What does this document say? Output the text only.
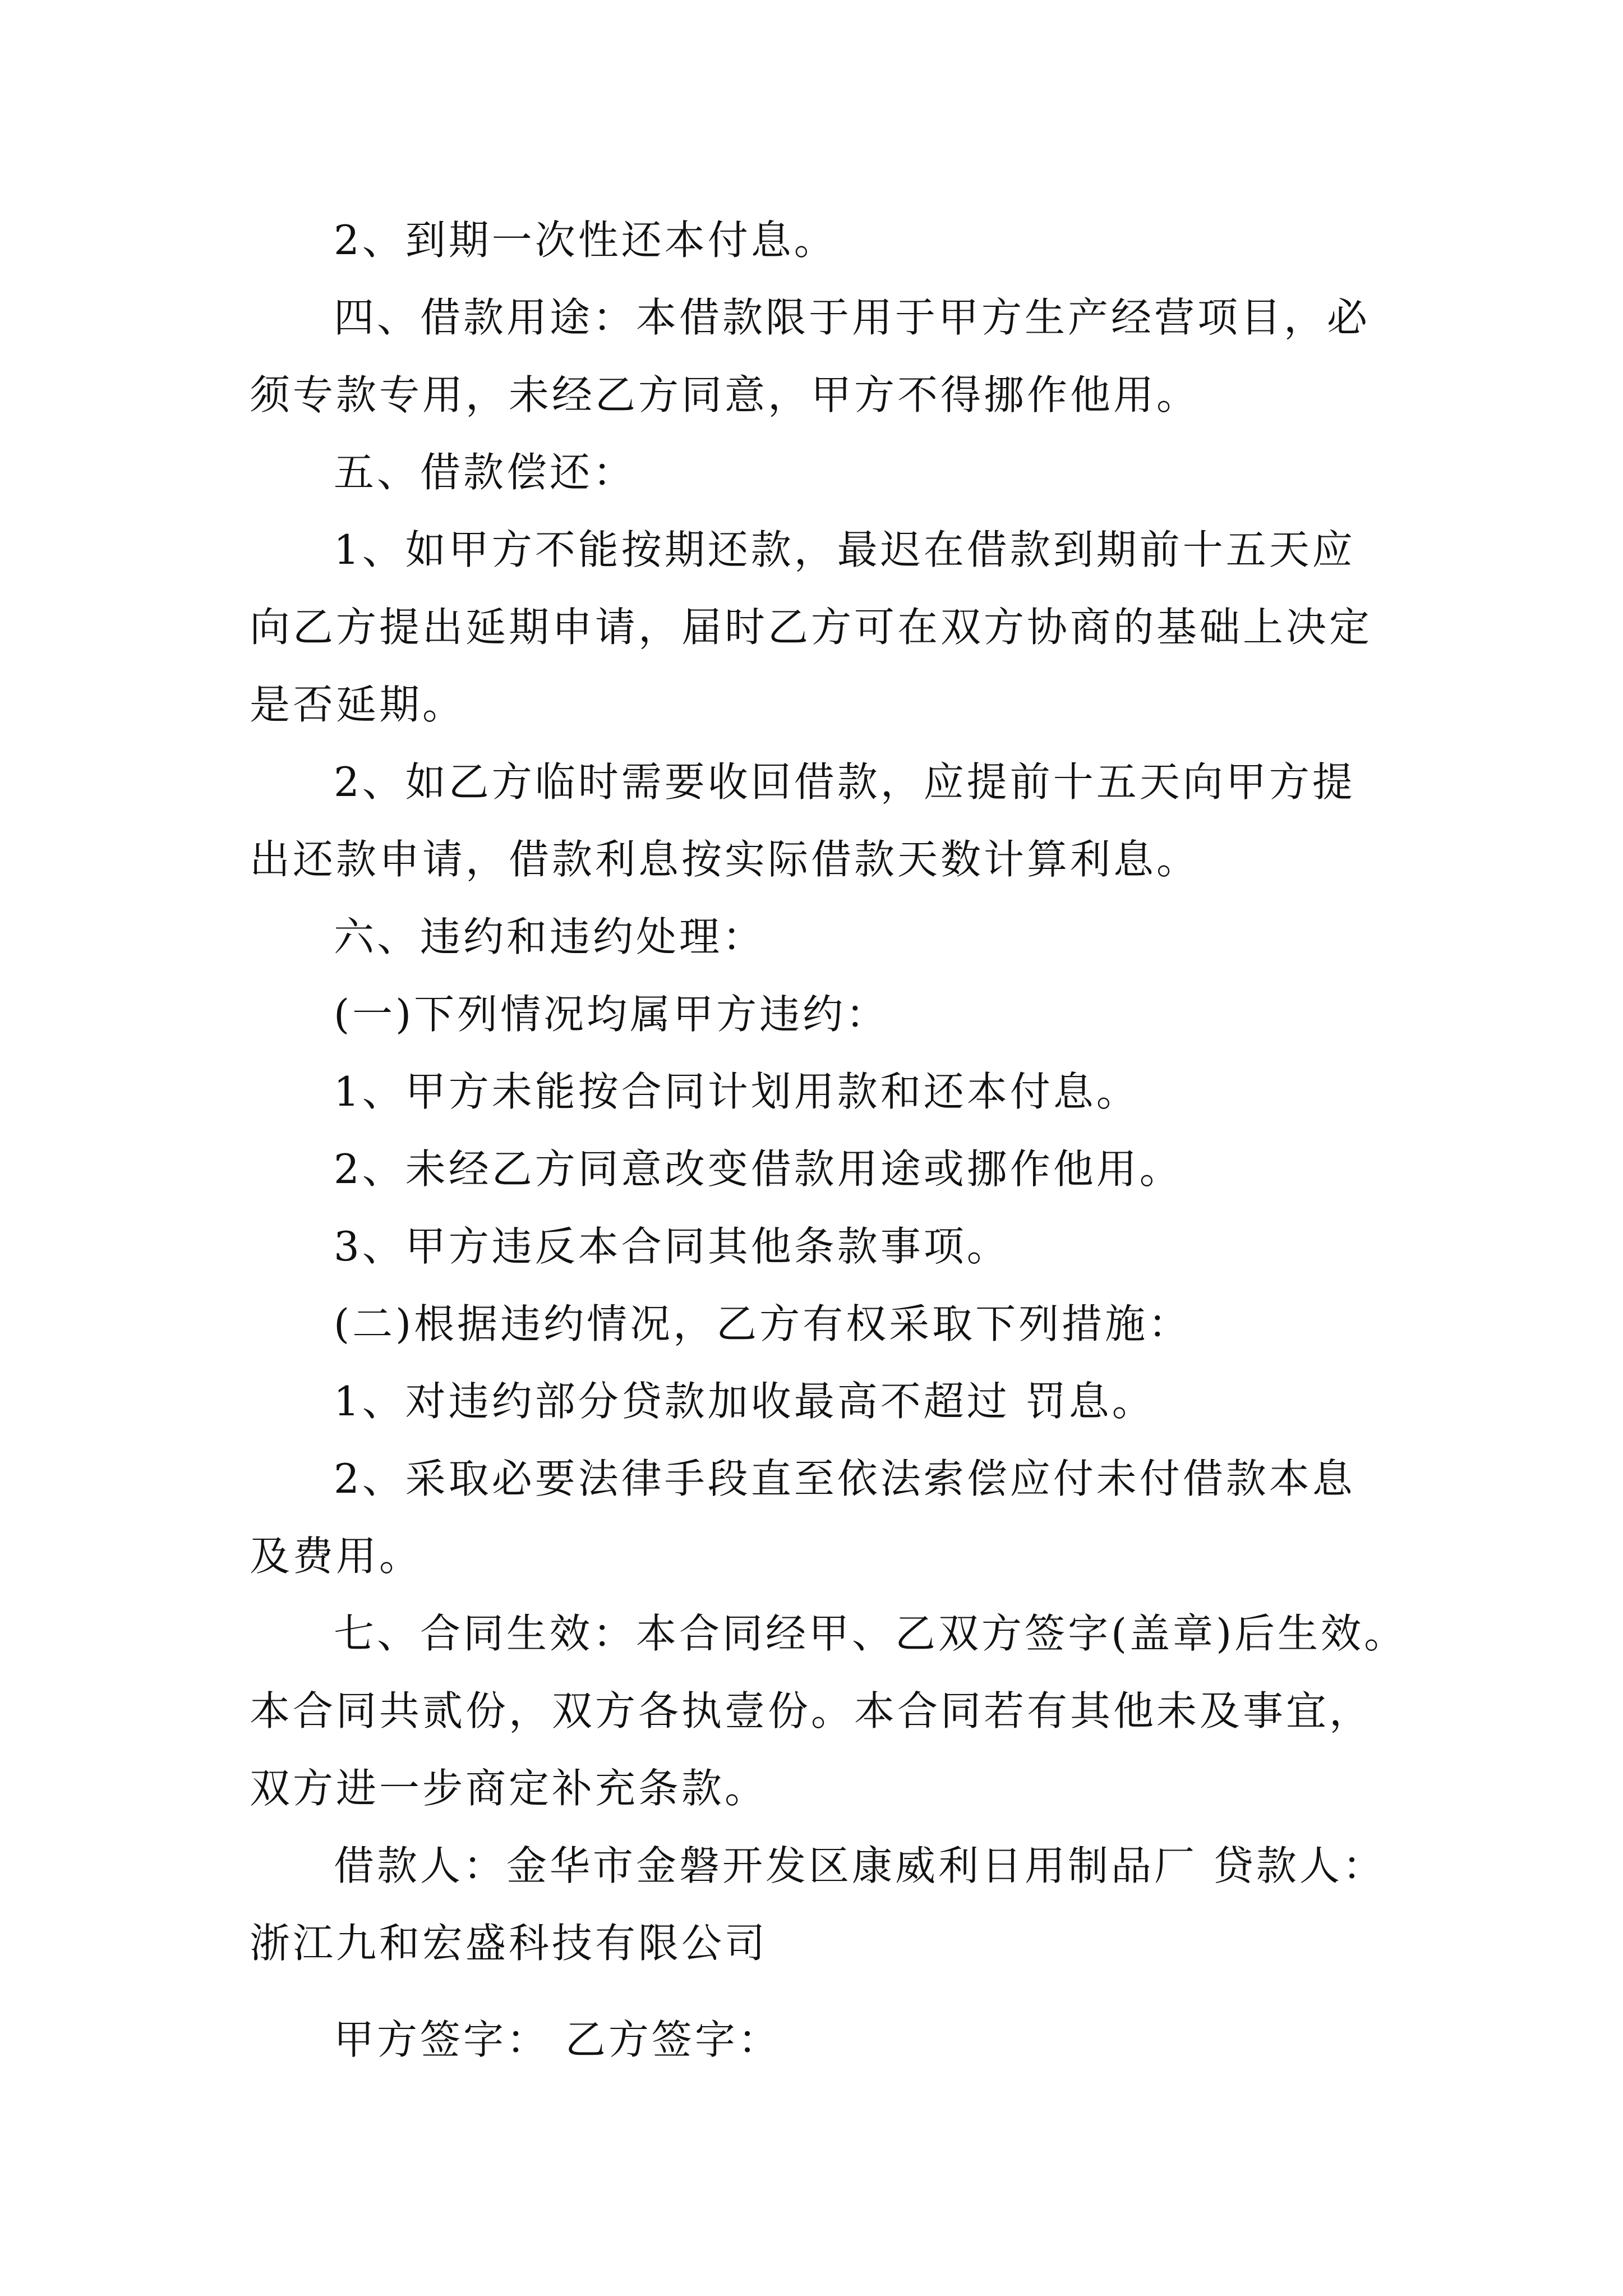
2、到期一次性还本付息。
四、借款用途：本借款限于用于甲方生产经营项目，必
须专款专用，未经乙方同意，甲方不得挪作他用。
五、借款偿还：
1、如甲方不能按期还款，最迟在借款到期前十五天应
向乙方提出延期申请，届时乙方可在双方协商的基础上决定
是否延期。
2、如乙方临时需要收回借款，应提前十五天向甲方提
出还款申请，借款利息按实际借款天数计算利息。
六、违约和违约处理：
(一)下列情况均属甲方违约：
1、甲方未能按合同计划用款和还本付息。
2、未经乙方同意改变借款用途或挪作他用。
3、甲方违反本合同其他条款事项。
(二)根据违约情况，乙方有权采取下列措施：
1、对违约部分贷款加收最高不超过 罚息。
2、采取必要法律手段直至依法索偿应付未付借款本息
及费用。
七、合同生效：本合同经甲、乙双方签字(盖章)后生效。
本合同共贰份，双方各执壹份。本合同若有其他未及事宜，
双方进一步商定补充条款。
借款人：金华市金磐开发区康威利日用制品厂 贷款人：
浙江九和宏盛科技有限公司
甲方签字： 乙方签字：
